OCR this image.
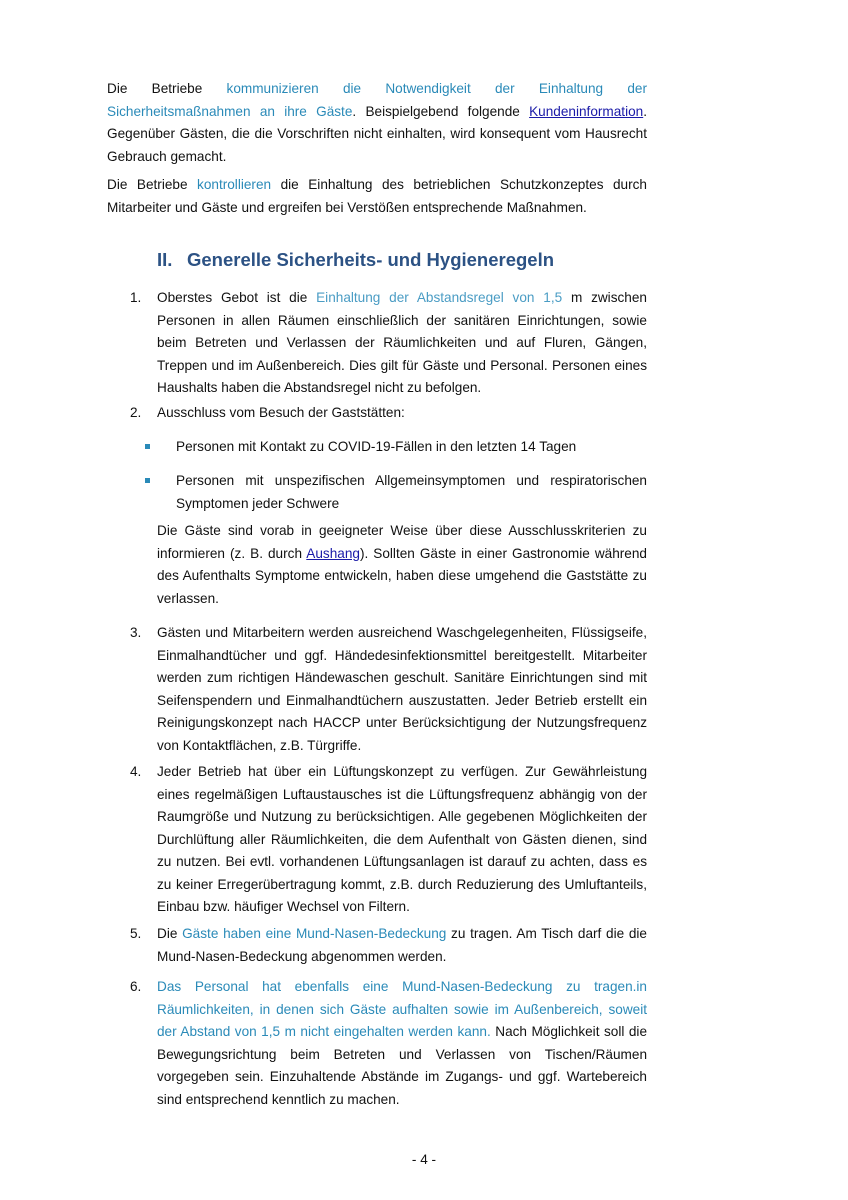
Die Betriebe kommunizieren die Notwendigkeit der Einhaltung der Sicherheitsmaßnahmen an ihre Gäste. Beispielgebend folgende Kundeninformation. Gegenüber Gästen, die die Vorschriften nicht einhalten, wird konsequent vom Hausrecht Gebrauch gemacht.

Die Betriebe kontrollieren die Einhaltung des betrieblichen Schutzkonzeptes durch Mitarbeiter und Gäste und ergreifen bei Verstößen entsprechende Maßnahmen.

II. Generelle Sicherheits- und Hygieneregeln
1.	Oberstes Gebot ist die Einhaltung der Abstandsregel von 1,5 m zwischen Personen in allen Räumen einschließlich der sanitären Einrichtungen, sowie beim Betreten und Verlassen der Räumlichkeiten und auf Fluren, Gängen, Treppen und im Außenbereich. Dies gilt für Gäste und Personal. Personen eines Haushalts haben die Abstandsregel nicht zu befolgen.
2.	Ausschluss vom Besuch der Gaststätten:
Personen mit Kontakt zu COVID-19-Fällen in den letzten 14 Tagen
Personen mit unspezifischen Allgemeinsymptomen und respiratorischen Symptomen jeder Schwere

Die Gäste sind vorab in geeigneter Weise über diese Ausschlusskriterien zu informieren (z. B. durch Aushang). Sollten Gäste in einer Gastronomie während des Aufenthalts Symptome entwickeln, haben diese umgehend die Gaststätte zu verlassen.

3.	Gästen und Mitarbeitern werden ausreichend Waschgelegenheiten, Flüssigseife, Einmalhandtücher und ggf. Händedesinfektionsmittel bereitgestellt. Mitarbeiter werden zum richtigen Händewaschen geschult. Sanitäre Einrichtungen sind mit Seifenspendern und Einmalhandtüchern auszustatten. Jeder Betrieb erstellt ein Reinigungskonzept nach HACCP unter Berücksichtigung der Nutzungsfrequenz von Kontaktflächen, z.B. Türgriffe.
4.	Jeder Betrieb hat über ein Lüftungskonzept zu verfügen. Zur Gewährleistung eines regelmäßigen Luftaustausches ist die Lüftungsfrequenz abhängig von der Raumgröße und Nutzung zu berücksichtigen. Alle gegebenen Möglichkeiten der Durchlüftung aller Räumlichkeiten, die dem Aufenthalt von Gästen dienen, sind zu nutzen. Bei evtl. vorhandenen Lüftungsanlagen ist darauf zu achten, dass es zu keiner Erregerübertragung kommt, z.B. durch Reduzierung des Umluftanteils, Einbau bzw. häufiger Wechsel von Filtern.
5.	Die Gäste haben eine Mund-Nasen-Bedeckung zu tragen. Am Tisch darf die die Mund-Nasen-Bedeckung abgenommen werden.
6.	Das Personal hat ebenfalls eine Mund-Nasen-Bedeckung zu tragen.in Räumlichkeiten, in denen sich Gäste aufhalten sowie im Außenbereich, soweit der Abstand von 1,5 m nicht eingehalten werden kann. Nach Möglichkeit soll die Bewegungsrichtung beim Betreten und Verlassen von Tischen/Räumen vorgegeben sein. Einzuhaltende Abstände im Zugangs- und ggf. Wartebereich sind entsprechend kenntlich zu machen.
- 4 -
